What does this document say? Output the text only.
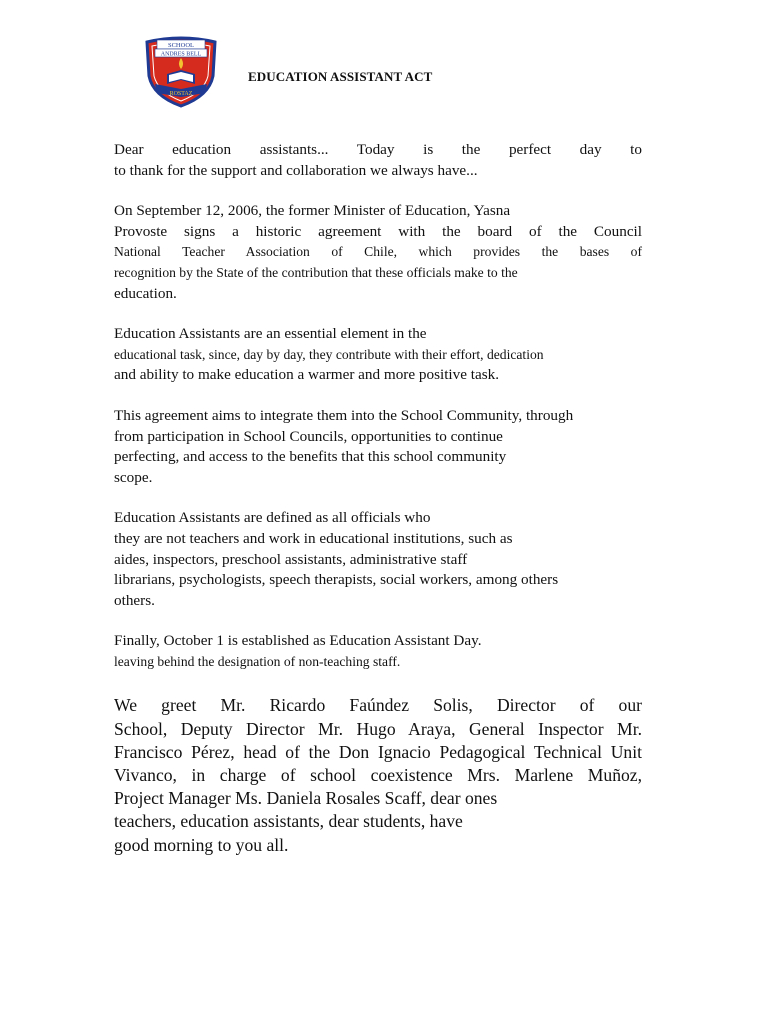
SCHOOL
ANDRES BELL
ROSTAZ
EDUCATION ASSISTANT ACT
Dear education assistants... Today is the perfect day to
to thank for the support and collaboration we always have...
On September 12, 2006, the former Minister of Education, Yasna
Provoste signs a historic agreement with the board of the Council
National Teacher Association of Chile, which provides the bases of
recognition by the State of the contribution that these officials make to the
education.
Education Assistants are an essential element in the
educational task, since, day by day, they contribute with their effort, dedication
and ability to make education a warmer and more positive task.
This agreement aims to integrate them into the School Community, through
from participation in School Councils, opportunities to continue
perfecting, and access to the benefits that this school community
scope.
Education Assistants are defined as all officials who
they are not teachers and work in educational institutions, such as
aides, inspectors, preschool assistants, administrative staff
librarians, psychologists, speech therapists, social workers, among others
others.
Finally, October 1 is established as Education Assistant Day.
leaving behind the designation of non-teaching staff.
We greet Mr. Ricardo Faúndez Solis, Director of our
School, Deputy Director Mr. Hugo Araya, General Inspector Mr.
Francisco Pérez, head of the Don Ignacio Pedagogical Technical Unit
Vivanco, in charge of school coexistence Mrs. Marlene Muñoz,
Project Manager Ms. Daniela Rosales Scaff, dear ones
teachers, education assistants, dear students, have
good morning to you all.
